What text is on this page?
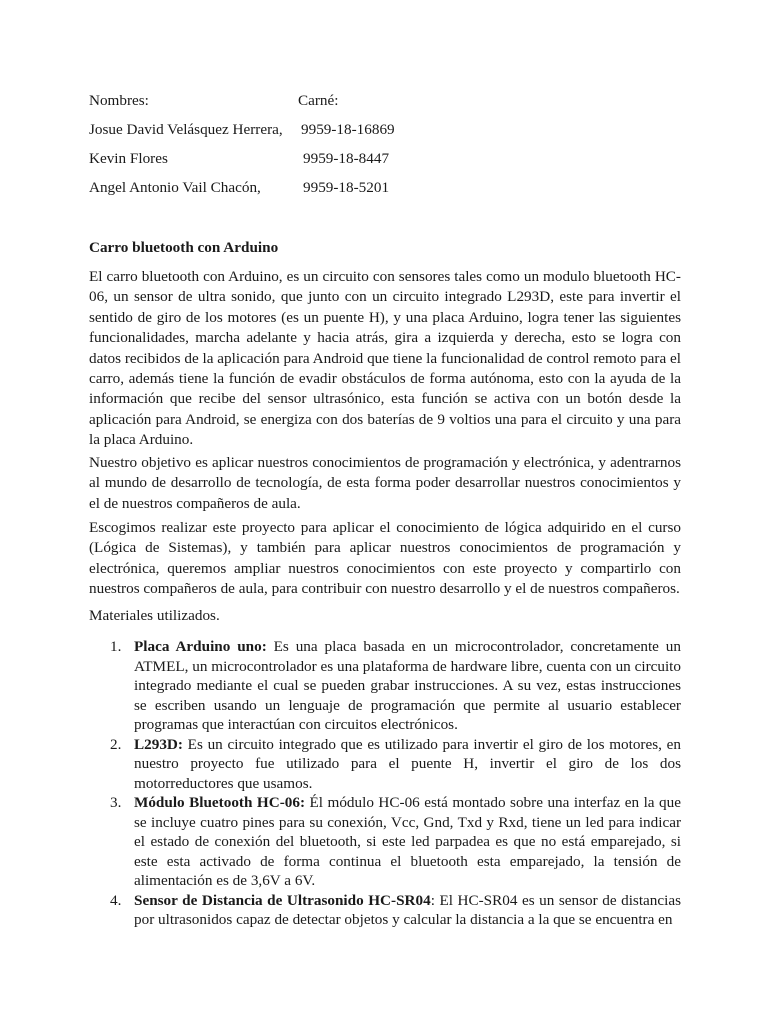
Nombres:	Carné:
Josue David Velásquez Herrera, 9959-18-16869
Kevin Flores	9959-18-8447
Angel Antonio Vail Chacón,	9959-18-5201
Carro bluetooth con Arduino

El carro bluetooth con Arduino, es un circuito con sensores tales como un modulo bluetooth HC-06, un sensor de ultra sonido, que junto con un circuito integrado L293D, este para invertir el sentido de giro de los motores (es un puente H), y una placa Arduino, logra tener las siguientes funcionalidades, marcha adelante y hacia atrás, gira a izquierda y derecha, esto se logra con datos recibidos de la aplicación para Android que tiene la funcionalidad de control remoto para el carro, además tiene la función de evadir obstáculos de forma autónoma, esto con la ayuda de la información que recibe del sensor ultrasónico, esta función se activa con un botón desde la aplicación para Android, se energiza con dos baterías de 9 voltios una para el circuito y una para la placa Arduino.

Nuestro objetivo es aplicar nuestros conocimientos de programación y electrónica, y adentrarnos al mundo de desarrollo de tecnología, de esta forma poder desarrollar nuestros conocimientos y el de nuestros compañeros de aula.

Escogimos realizar este proyecto para aplicar el conocimiento de lógica adquirido en el curso (Lógica de Sistemas), y también para aplicar nuestros conocimientos de programación y electrónica, queremos ampliar nuestros conocimientos con este proyecto y compartirlo con nuestros compañeros de aula, para contribuir con nuestro desarrollo y el de nuestros compañeros.

Materiales utilizados.

1. Placa Arduino uno: Es una placa basada en un microcontrolador, concretamente un ATMEL, un microcontrolador es una plataforma de hardware libre, cuenta con un circuito integrado mediante el cual se pueden grabar instrucciones. A su vez, estas instrucciones se escriben usando un lenguaje de programación que permite al usuario establecer programas que interactúan con circuitos electrónicos.
2. L293D: Es un circuito integrado que es utilizado para invertir el giro de los motores, en nuestro proyecto fue utilizado para el puente H, invertir el giro de los dos motorreductores que usamos.
3. Módulo Bluetooth HC-06: Él módulo HC-06 está montado sobre una interfaz en la que se incluye cuatro pines para su conexión, Vcc, Gnd, Txd y Rxd, tiene un led para indicar el estado de conexión del bluetooth, si este led parpadea es que no está emparejado, si este esta activado de forma continua el bluetooth esta emparejado, la tensión de alimentación es de 3,6V a 6V.
4. Sensor de Distancia de Ultrasonido HC-SR04: El HC-SR04 es un sensor de distancias por ultrasonidos capaz de detectar objetos y calcular la distancia a la que se encuentra en
